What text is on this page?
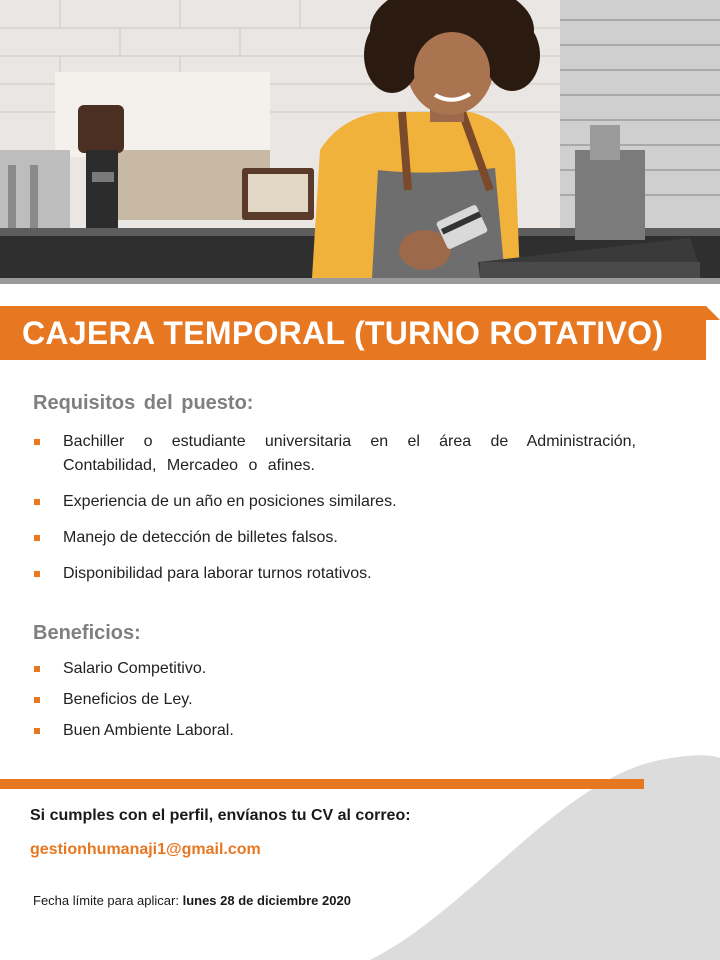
CAJERA TEMPORAL (TURNO ROTATIVO)
Requisitos del puesto:
Bachiller o estudiante universitaria en el área de Administración, Contabilidad, Mercadeo o afines.
Experiencia de un año en posiciones similares.
Manejo de detección de billetes falsos.
Disponibilidad para laborar turnos rotativos.
Beneficios:
Salario Competitivo.
Beneficios de Ley.
Buen Ambiente Laboral.
Si cumples con el perfil, envíanos tu CV al correo:
gestionhumanaji1@gmail.com
Fecha límite para aplicar: lunes 28 de diciembre 2020
